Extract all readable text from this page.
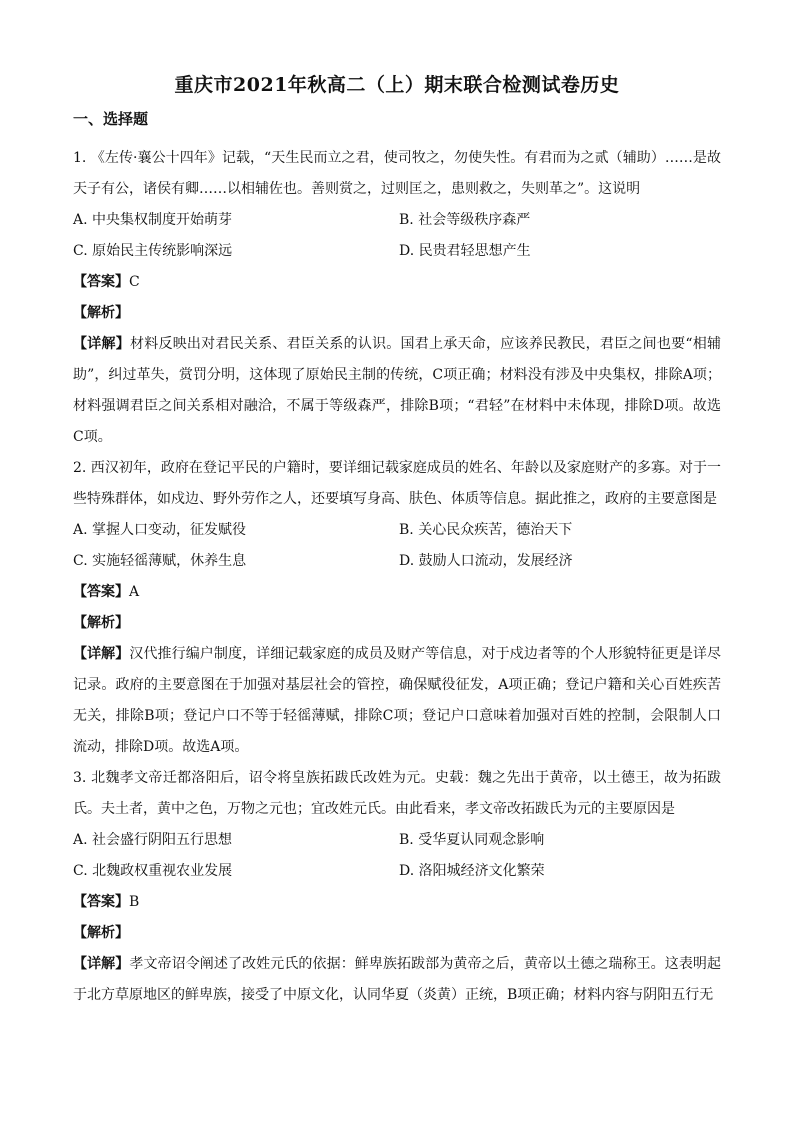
重庆市2021年秋高二（上）期末联合检测试卷历史
一、选择题

1. 《左传·襄公十四年》记载，“天生民而立之君，使司牧之，勿使失性。有君而为之贰（辅助）……是故天子有公，诸侯有卿……以相辅佐也。善则赏之，过则匡之，患则救之，失则革之”。这说明

A. 中央集权制度开始萌芽	B. 社会等级秩序森严
C. 原始民主传统影响深远	D. 民贵君轻思想产生
【答案】C
【解析】

【详解】材料反映出对君民关系、君臣关系的认识。国君上承天命，应该养民教民，君臣之间也要“相辅助”，纠过革失，赏罚分明，这体现了原始民主制的传统，C项正确；材料没有涉及中央集权，排除A项；材料强调君臣之间关系相对融洽，不属于等级森严，排除B项；“君轻”在材料中未体现，排除D项。故选C项。

2. 西汉初年，政府在登记平民的户籍时，要详细记载家庭成员的姓名、年龄以及家庭财产的多寡。对于一些特殊群体，如戍边、野外劳作之人，还要填写身高、肤色、体质等信息。据此推之，政府的主要意图是

A. 掌握人口变动，征发赋役	B. 关心民众疾苦，德治天下
C. 实施轻徭薄赋，休养生息	D. 鼓励人口流动，发展经济
【答案】A
【解析】

【详解】汉代推行编户制度，详细记载家庭的成员及财产等信息，对于戍边者等的个人形貌特征更是详尽记录。政府的主要意图在于加强对基层社会的管控，确保赋役征发，A项正确；登记户籍和关心百姓疾苦无关，排除B项；登记户口不等于轻徭薄赋，排除C项；登记户口意味着加强对百姓的控制，会限制人口流动，排除D项。故选A项。

3. 北魏孝文帝迁都洛阳后，诏令将皇族拓跋氏改姓为元。史载：魏之先出于黄帝，以土德王，故为拓跋氏。夫土者，黄中之色，万物之元也；宜改姓元氏。由此看来，孝文帝改拓跋氏为元的主要原因是

A. 社会盛行阴阳五行思想	B. 受华夏认同观念影响
C. 北魏政权重视农业发展	D. 洛阳城经济文化繁荣
【答案】B
【解析】

【详解】孝文帝诏令阐述了改姓元氏的依据：鲜卑族拓跋部为黄帝之后，黄帝以土德之瑞称王。这表明起于北方草原地区的鲜卑族，接受了中原文化，认同华夏（炎黄）正统，B项正确；材料内容与阴阳五行无
